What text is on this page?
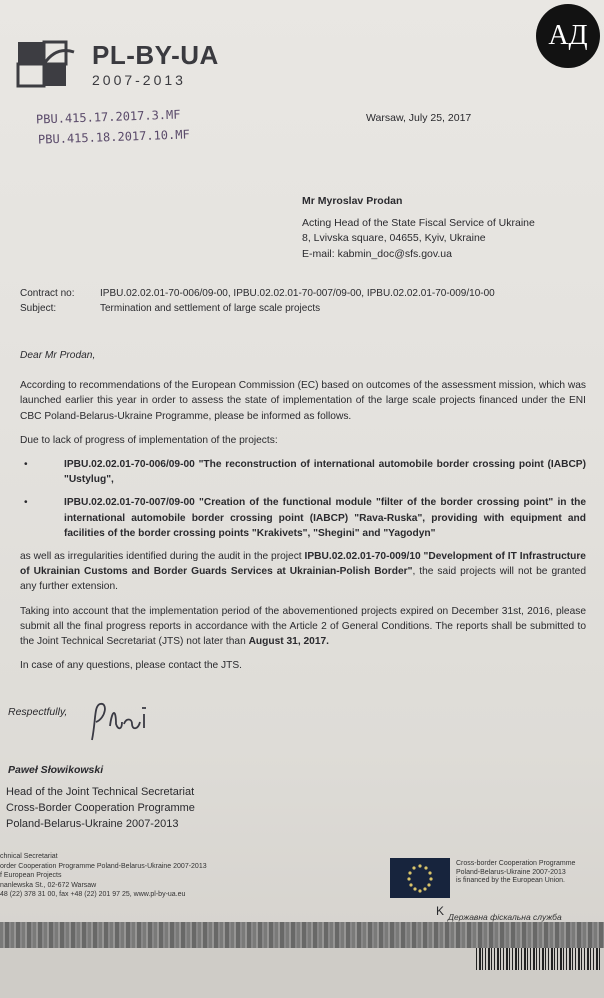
PL-BY-UA
2007-2013
АД
PBU.415.17.2017.3.MF
PBU.415.18.2017.10.MF
Warsaw, July 25, 2017
Mr Myroslav Prodan
Acting Head of the State Fiscal Service of Ukraine
8, Lvivska square, 04655, Kyiv, Ukraine
E-mail: kabmin_doc@sfs.gov.ua
Contract no:	IPBU.02.02.01-70-006/09-00, IPBU.02.02.01-70-007/09-00, IPBU.02.02.01-70-009/10-00
Subject:	Termination and settlement of large scale projects

Dear Mr Prodan,

According to recommendations of the European Commission (EC) based on outcomes of the assessment mission, which was launched earlier this year in order to assess the state of implementation of the large scale projects financed under the ENI CBC Poland-Belarus-Ukraine Programme, please be informed as follows.

Due to lack of progress of implementation of the projects:

•	IPBU.02.02.01-70-006/09-00 "The reconstruction of international automobile border crossing point (IABCP) "Ustylug",
•	IPBU.02.02.01-70-007/09-00 "Creation of the functional module "filter of the border crossing point" in the international automobile border crossing point (IABCP) "Rava-Ruska", providing with equipment and facilities of the border crossing points "Krakivets", "Shegini" and "Yagodyn"

as well as irregularities identified during the audit in the project IPBU.02.02.01-70-009/10 "Development of IT Infrastructure of Ukrainian Customs and Border Guards Services at Ukrainian-Polish Border", the said projects will not be granted any further extension.

Taking into account that the implementation period of the abovementioned projects expired on December 31st, 2016, please submit all the final progress reports in accordance with the Article 2 of General Conditions. The reports shall be submitted to the Joint Technical Secretariat (JTS) not later than August 31, 2017.

In case of any questions, please contact the JTS.

Respectfully,
Paweł Słowikowski
Head of the Joint Technical Secretariat
Cross-Border Cooperation Programme
Poland-Belarus-Ukraine 2007-2013
chnical Secretariat
order Cooperation Programme Poland-Belarus-Ukraine 2007-2013
f European Projects
nanlewska St., 02-672 Warsaw
48 (22) 378 31 00, fax +48 (22) 201 97 25, www.pl-by-ua.eu
Cross-border Cooperation Programme
Poland-Belarus-Ukraine 2007-2013
is financed by the European Union.
K Державна фіскальна служба
